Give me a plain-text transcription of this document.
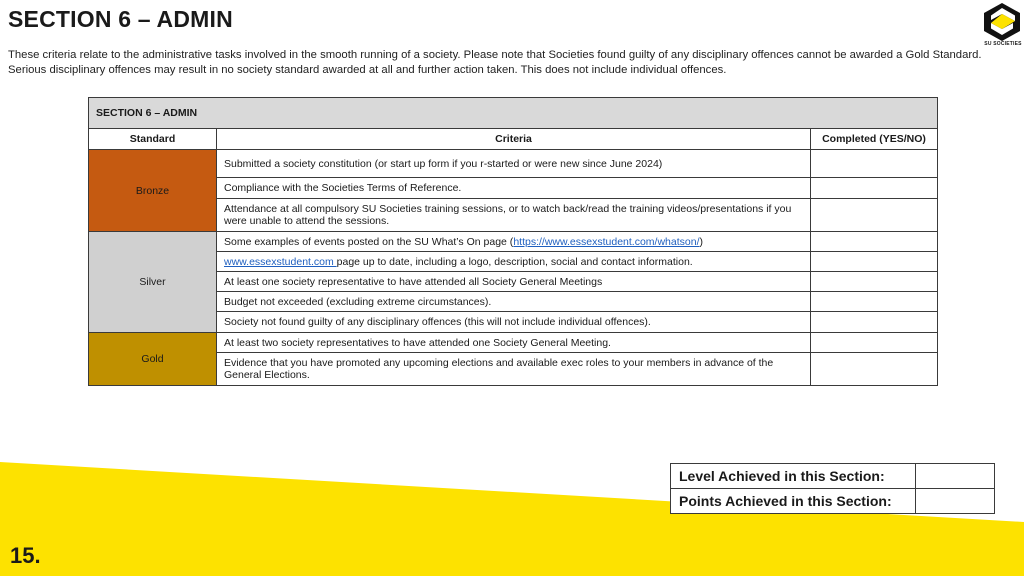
SECTION 6 – ADMIN
SU SOCIETIES
These criteria relate to the administrative tasks involved in the smooth running of a society. Please note that Societies found guilty of any disciplinary offences cannot be awarded a Gold Standard. Serious disciplinary offences may result in no society standard awarded at all and further action taken. This does not include individual offences.
SECTION 6 – ADMIN		
Standard	Criteria	Completed (YES/NO)
Bronze	Submitted a society constitution (or start up form if you r-started or were new since June 2024)	
	Compliance with the Societies Terms of Reference.	
	Attendance at all compulsory SU Societies training sessions, or to watch back/read the training videos/presentations if you were unable to attend the sessions.	
Silver	Some examples of events posted on the SU What’s On page (https://www.essexstudent.com/whatson/)	
	www.essexstudent.com page up to date, including a logo, description, social and contact information.	
	At least one society representative to have attended all Society General Meetings	
	Budget not exceeded (excluding extreme circumstances).	
	Society not found guilty of any disciplinary offences (this will not include individual offences).	
Gold	At least two society representatives to have attended one Society General Meeting.	
	Evidence that you have promoted any upcoming elections and available exec roles to your members in advance of the General Elections.	
Level Achieved in this Section:	
Points Achieved in this Section:	
15.
